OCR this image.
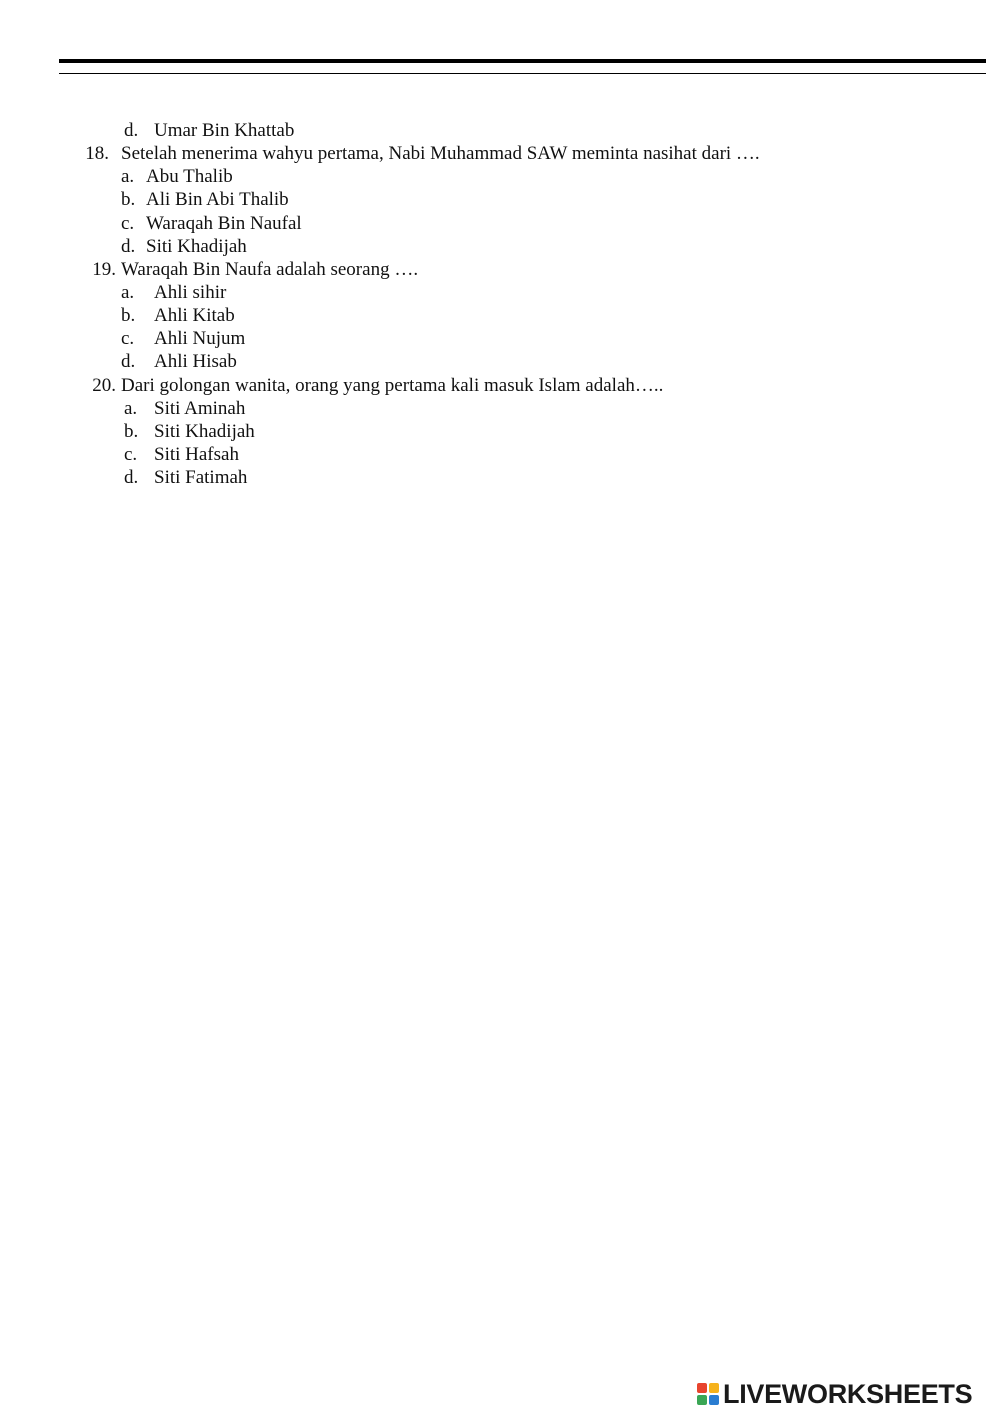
d. Umar Bin Khattab
18. Setelah menerima wahyu pertama, Nabi Muhammad SAW meminta nasihat dari ….
a. Abu Thalib
b. Ali Bin Abi Thalib
c. Waraqah Bin Naufal
d. Siti Khadijah
19. Waraqah Bin Naufa adalah seorang ….
a. Ahli sihir
b. Ahli Kitab
c. Ahli Nujum
d. Ahli Hisab
20. Dari golongan wanita, orang yang pertama kali masuk Islam adalah…..
a. Siti Aminah
b. Siti Khadijah
c. Siti Hafsah
d. Siti Fatimah
LIVEWORKSHEETS
